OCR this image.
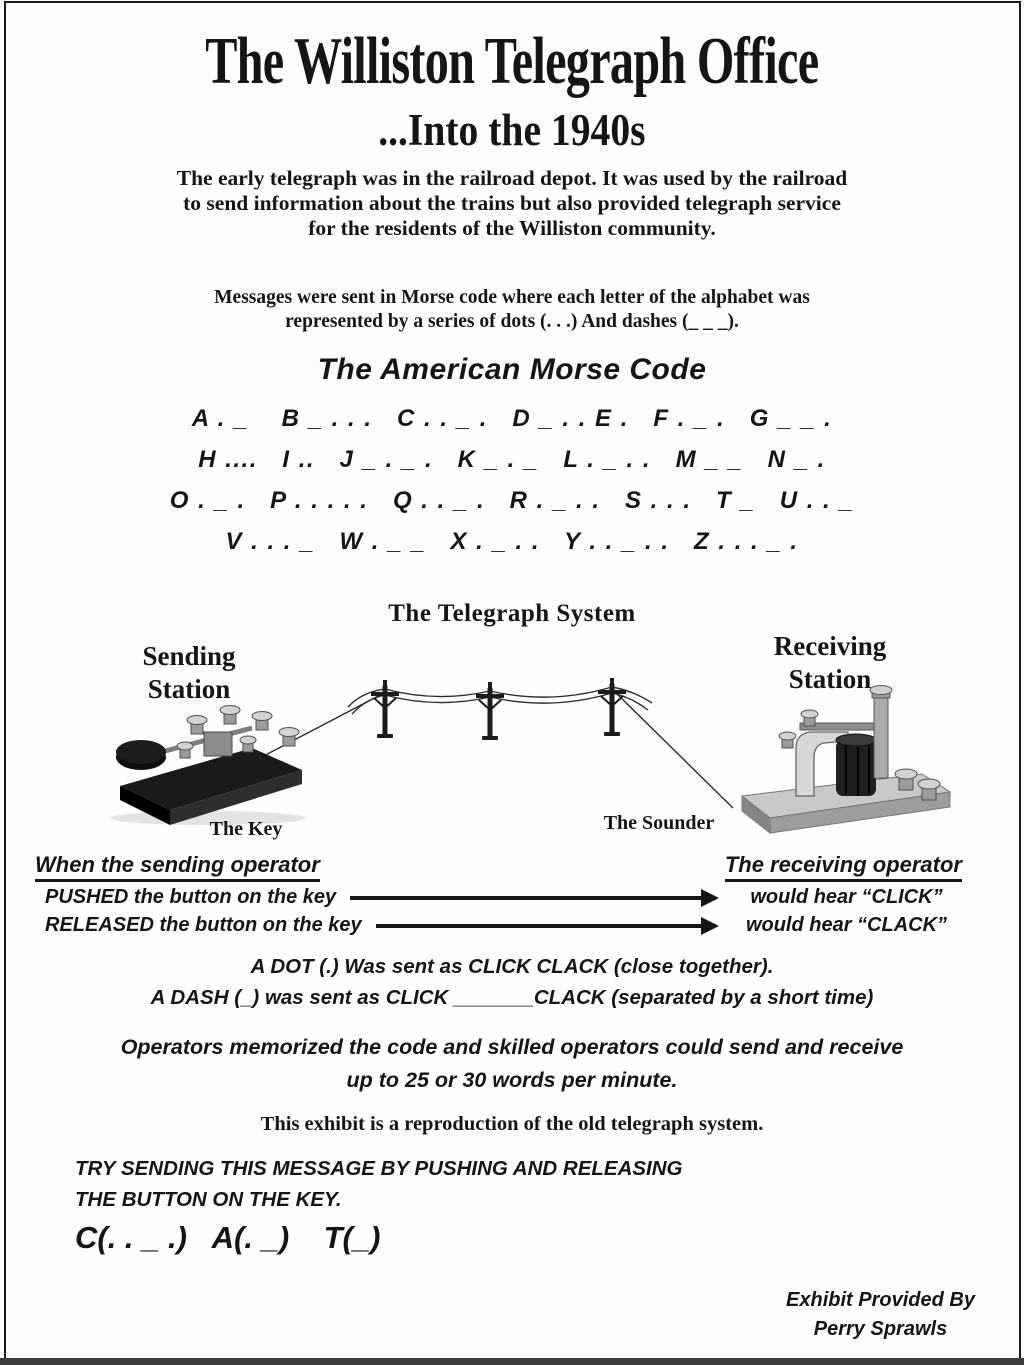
The Williston Telegraph Office
...Into the 1940s
The early telegraph was in the railroad depot. It was used by the railroad
to send information about the trains but also provided telegraph service
for the residents of the Williston community.
Messages were sent in Morse code where each letter of the alphabet was
represented by a series of dots (. . .) And dashes (_ _ _).
The American Morse Code
A . _    B _ . . .   C . . _ .   D _ . . E .   F . _ .   G _ _ .
H ....   I ..   J _ . _ .   K _ . _   L . _ . .   M _ _   N _ .
O . _ .   P . . . . .   Q . . _ .   R . _ . .   S . . .   T _   U . . _
V . . . _   W . _ _   X . _ . .   Y . . _ . .   Z . . . _ .
The Telegraph System
Sending
Station
Receiving
Station
The Key	The Sounder
When the sending operator	The receiving operator
PUSHED the button on the key	would hear “CLICK”
RELEASED the button on the key	would hear “CLACK”
A DOT (.) Was sent as CLICK CLACK (close together).
A DASH (_) was sent as CLICK _______CLACK (separated by a short time)
Operators memorized the code and skilled operators could send and receive
up to 25 or 30 words per minute.
This exhibit is a reproduction of the old telegraph system.
TRY SENDING THIS MESSAGE BY PUSHING AND RELEASING
THE BUTTON ON THE KEY.
C(. . _ .)   A(. _)    T(_)
Exhibit Provided By
Perry Sprawls
